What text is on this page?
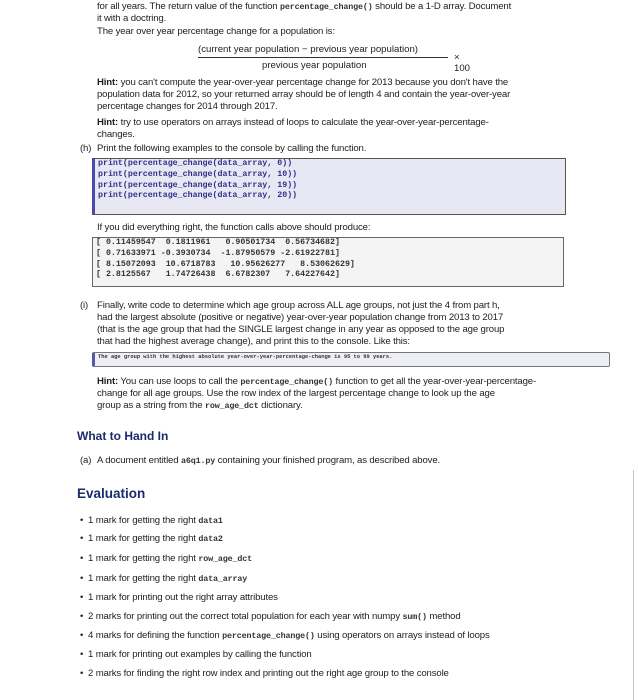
for all years. The return value of the function percentage_change() should be a 1-D array. Document
it with a doctring.
The year over year percentage change for a population is:
(current year population − previous year population)
previous year population
× 100
Hint: you can't compute the year-over-year percentage change for 2013 because you don't have the
population data for 2012, so your returned array should be of length 4 and contain the year-over-year
percentage changes for 2014 through 2017.
Hint: try to use operators on arrays instead of loops to calculate the year-over-year-percentage-
changes.
(h) Print the following examples to the console by calling the function.
print(percentage_change(data_array, 0))
print(percentage_change(data_array, 10))
print(percentage_change(data_array, 19))
print(percentage_change(data_array, 20))
If you did everything right, the function calls above should produce:
[ 0.11459547  0.1811961   0.90501734  0.56734682]
[ 0.71633971 -0.3930734  -1.87950579 -2.61922781]
[ 8.15072093  10.6718783   10.95626277   8.53062629]
[ 2.8125567   1.74726438  6.6782307   7.64227642]
(i) Finally, write code to determine which age group across ALL age groups, not just the 4 from part h,
had the largest absolute (positive or negative) year-over-year population change from 2013 to 2017
(that is the age group that had the SINGLE largest change in any year as opposed to the age group
that had the highest average change), and print this to the console. Like this:
The age group with the highest absolute year-over-year-percentage-change is 95 to 99 years.
Hint: You can use loops to call the percentage_change() function to get all the year-over-year-percentage-
change for all age groups. Use the row index of the largest percentage change to look up the age
group as a string from the row_age_dct dictionary.
What to Hand In
(a) A document entitled a6q1.py containing your finished program, as described above.
Evaluation
• 1 mark for getting the right data1
• 1 mark for getting the right data2
• 1 mark for getting the right row_age_dct
• 1 mark for getting the right data_array
• 1 mark for printing out the right array attributes
• 2 marks for printing out the correct total population for each year with numpy sum() method
• 4 marks for defining the function percentage_change() using operators on arrays instead of loops
• 1 mark for printing out examples by calling the function
• 2 marks for finding the right row index and printing out the right age group to the console
